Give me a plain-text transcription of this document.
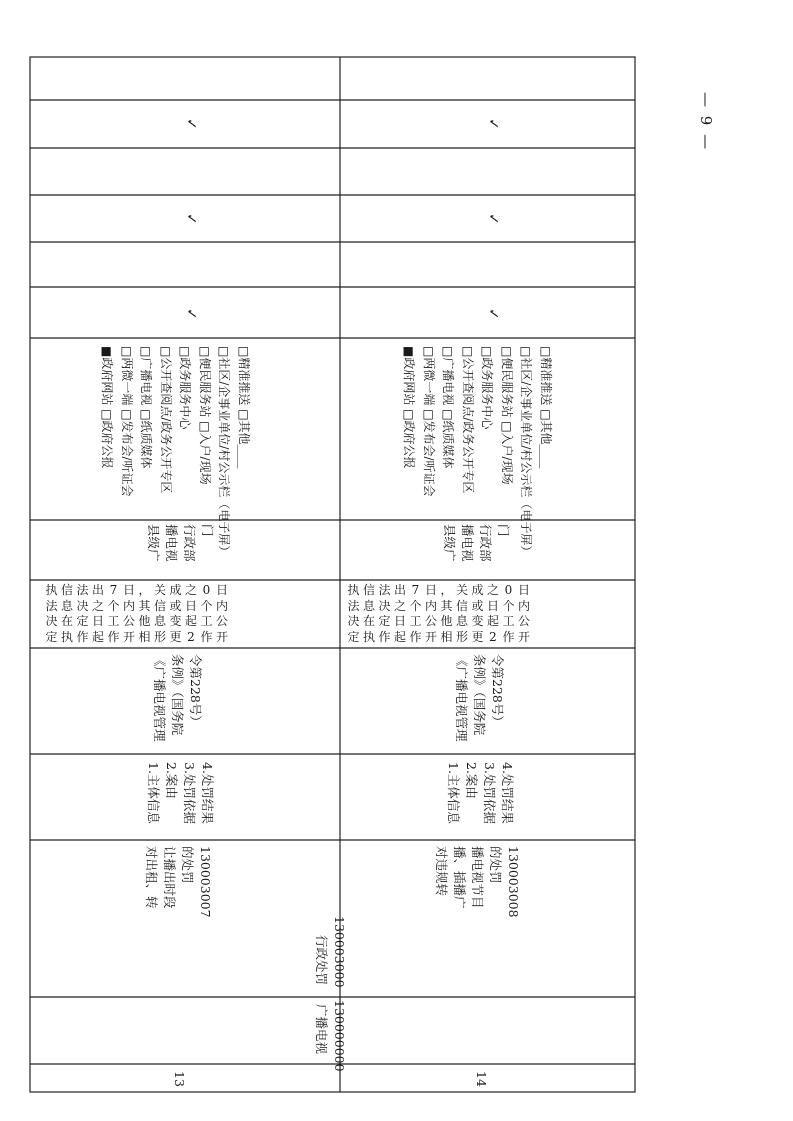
13
广播电视 130000000
行政处罚 130003000
对出租、转 让播出时段 的处罚 130003007
1.主体信息 2.案由 3.处罚依据 4.处罚结果
《广播电视管理 条例》（国务院 令第228号）
执法决定
信息在执
法决定作
出之日起
7个工作
日内公开
，其他相
关信息形
成或变更
之日起2
0个工作
日内公开
县级广 播电视 行政部 门
■政府网站 □政府公报
□两微一端 □发布会/听证会
□广播电视 □纸质媒体
□公开查阅点/政务公开专区
□政务服务中心
□便民服务站 □入户/现场
□社区/企事业单位/村公示栏（电子屏）
□精准推送 □其他____
✓
✓
✓
14
对违规转 播、插播广 播电视节目 的处罚 130003008
1.主体信息 2.案由 3.处罚依据 4.处罚结果
《广播电视管理 条例》（国务院 令第228号）
执法决定
信息在执
法决定作
出之日起
7个工作
日内公开
，其他相
关信息形
成或变更
之日起2
0个工作
日内公开
县级广 播电视 行政部 门
■政府网站 □政府公报
□两微一端 □发布会/听证会
□广播电视 □纸质媒体
□公开查阅点/政务公开专区
□政务服务中心
□便民服务站 □入户/现场
□社区/企事业单位/村公示栏（电子屏）
□精准推送 □其他____
✓
✓
✓	— 9 —
